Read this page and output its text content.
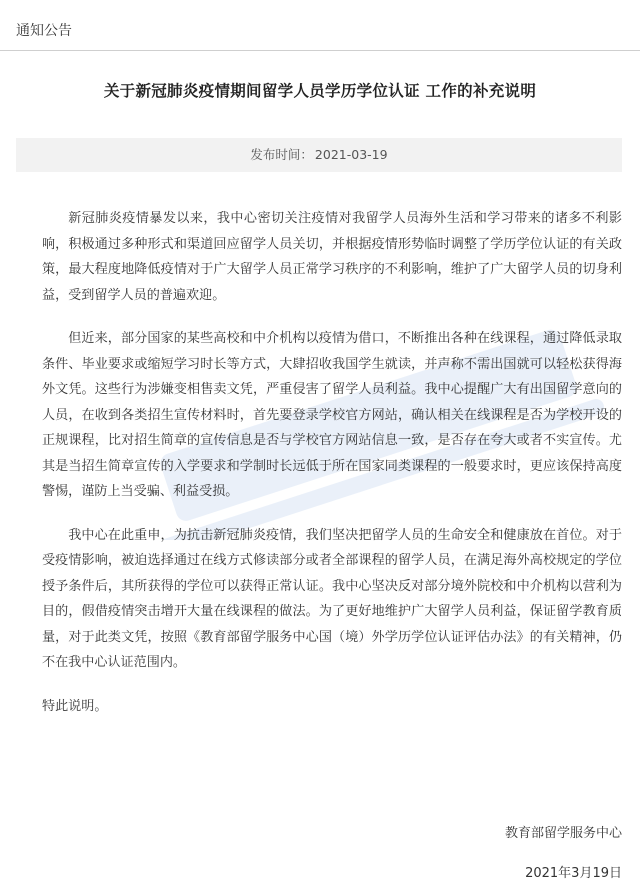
通知公告
关于新冠肺炎疫情期间留学人员学历学位认证 工作的补充说明
发布时间： 2021-03-19

新冠肺炎疫情暴发以来，我中心密切关注疫情对我留学人员海外生活和学习带来的诸多不利影响，积极通过多种形式和渠道回应留学人员关切，并根据疫情形势临时调整了学历学位认证的有关政策，最大程度地降低疫情对于广大留学人员正常学习秩序的不利影响，维护了广大留学人员的切身利益，受到留学人员的普遍欢迎。

但近来，部分国家的某些高校和中介机构以疫情为借口，不断推出各种在线课程，通过降低录取条件、毕业要求或缩短学习时长等方式，大肆招收我国学生就读，并声称不需出国就可以轻松获得海外文凭。这些行为涉嫌变相售卖文凭，严重侵害了留学人员利益。我中心提醒广大有出国留学意向的人员，在收到各类招生宣传材料时，首先要登录学校官方网站，确认相关在线课程是否为学校开设的正规课程，比对招生简章的宣传信息是否与学校官方网站信息一致，是否存在夸大或者不实宣传。尤其是当招生简章宣传的入学要求和学制时长远低于所在国家同类课程的一般要求时，更应该保持高度警惕，谨防上当受骗、利益受损。

我中心在此重申，为抗击新冠肺炎疫情，我们坚决把留学人员的生命安全和健康放在首位。对于受疫情影响，被迫选择通过在线方式修读部分或者全部课程的留学人员，在满足海外高校规定的学位授予条件后，其所获得的学位可以获得正常认证。我中心坚决反对部分境外院校和中介机构以营利为目的，假借疫情突击增开大量在线课程的做法。为了更好地维护广大留学人员利益，保证留学教育质量，对于此类文凭，按照《教育部留学服务中心国（境）外学历学位认证评估办法》的有关精神，仍不在我中心认证范围内。

特此说明。

教育部留学服务中心
2021年3月19日
